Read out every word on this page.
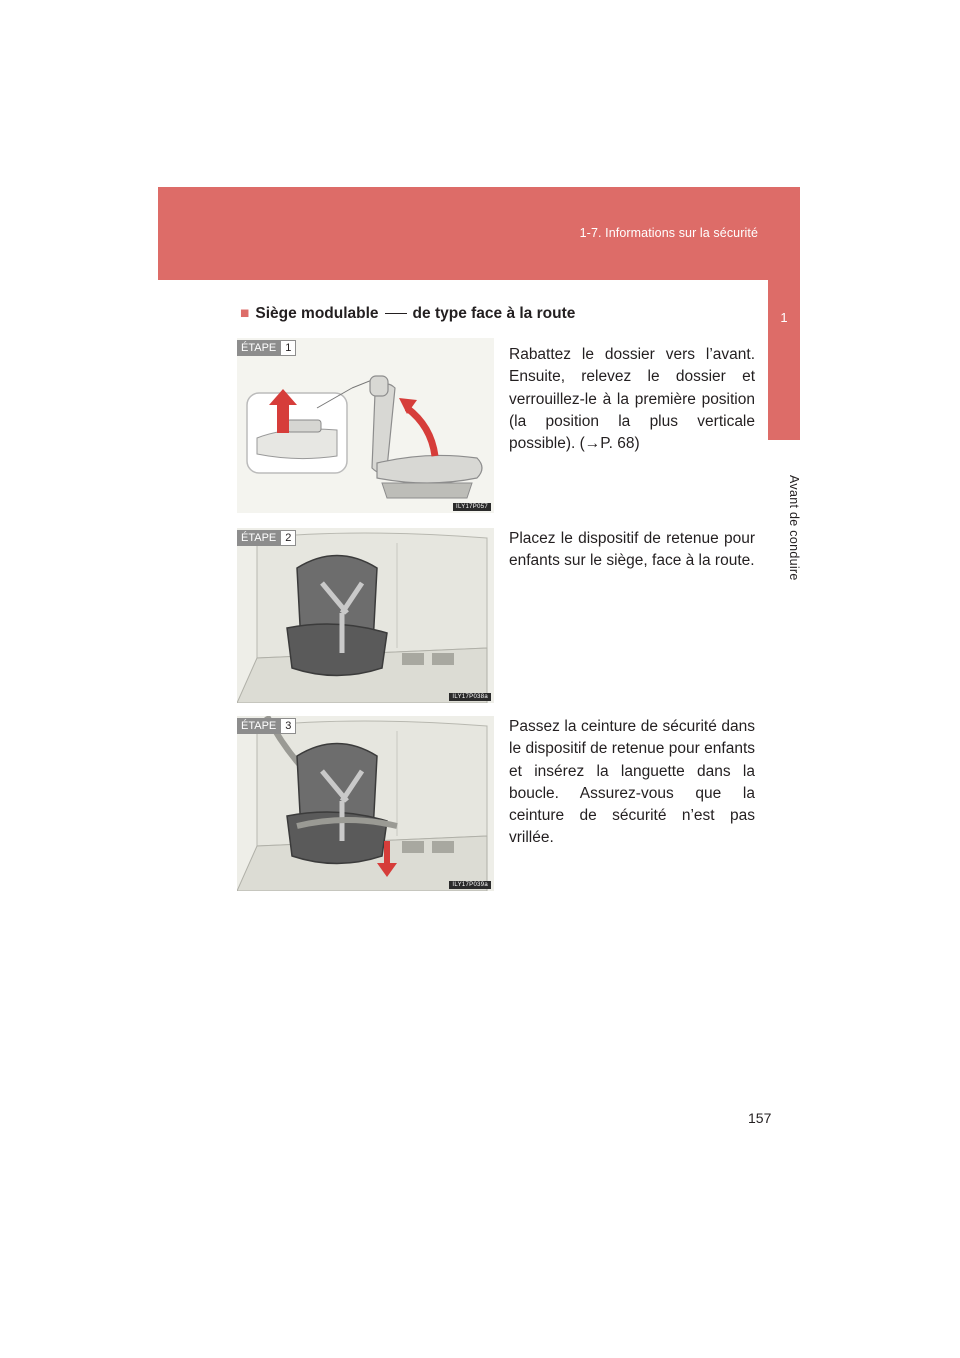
1-7. Informations sur la sécurité
1
Avant de conduire
■ Siège modulable de type face à la route
ÉTAPE 1
ILY17P057
Rabattez le dossier vers l’avant. Ensuite, relevez le dossier et verrouillez-le à la première position (la position la plus verticale possible). (→P. 68)
ÉTAPE 2
ILY17P038a
Placez le dispositif de retenue pour enfants sur le siège, face à la route.
ÉTAPE 3
ILY17P039a
Passez la ceinture de sécurité dans le dispositif de retenue pour enfants et insérez la languette dans la boucle. Assurez-vous que la ceinture de sécurité n’est pas vrillée.
157
